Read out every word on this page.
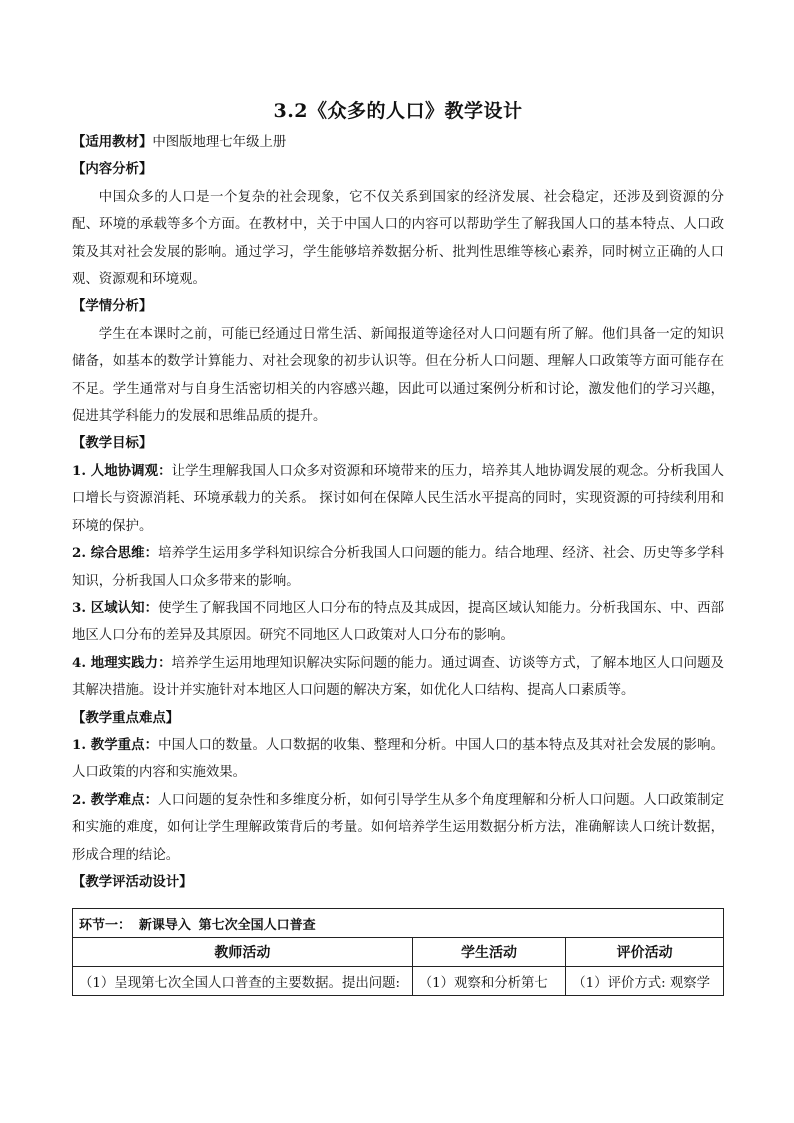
3.2《众多的人口》教学设计

【适用教材】中图版地理七年级上册

【内容分析】

中国众多的人口是一个复杂的社会现象，它不仅关系到国家的经济发展、社会稳定，还涉及到资源的分配、环境的承载等多个方面。在教材中，关于中国人口的内容可以帮助学生了解我国人口的基本特点、人口政策及其对社会发展的影响。通过学习，学生能够培养数据分析、批判性思维等核心素养，同时树立正确的人口观、资源观和环境观。

【学情分析】

学生在本课时之前，可能已经通过日常生活、新闻报道等途径对人口问题有所了解。他们具备一定的知识储备，如基本的数学计算能力、对社会现象的初步认识等。但在分析人口问题、理解人口政策等方面可能存在不足。学生通常对与自身生活密切相关的内容感兴趣，因此可以通过案例分析和讨论，激发他们的学习兴趣，促进其学科能力的发展和思维品质的提升。

【教学目标】

1. 人地协调观：让学生理解我国人口众多对资源和环境带来的压力，培养其人地协调发展的观念。分析我国人口增长与资源消耗、环境承载力的关系。 探讨如何在保障人民生活水平提高的同时，实现资源的可持续利用和环境的保护。

2. 综合思维：培养学生运用多学科知识综合分析我国人口问题的能力。结合地理、经济、社会、历史等多学科知识，分析我国人口众多带来的影响。

3. 区域认知：使学生了解我国不同地区人口分布的特点及其成因，提高区域认知能力。分析我国东、中、西部地区人口分布的差异及其原因。研究不同地区人口政策对人口分布的影响。

4. 地理实践力：培养学生运用地理知识解决实际问题的能力。通过调查、访谈等方式，了解本地区人口问题及其解决措施。设计并实施针对本地区人口问题的解决方案，如优化人口结构、提高人口素质等。

【教学重点难点】

1. 教学重点：中国人口的数量。人口数据的收集、整理和分析。中国人口的基本特点及其对社会发展的影响。人口政策的内容和实施效果。

2. 教学难点：人口问题的复杂性和多维度分析，如何引导学生从多个角度理解和分析人口问题。人口政策制定和实施的难度，如何让学生理解政策背后的考量。如何培养学生运用数据分析方法，准确解读人口统计数据，形成合理的结论。

【教学评活动设计】

环节一： 新课导入 第七次全国人口普查		
教师活动	学生活动	评价活动
（1）呈现第七次全国人口普查的主要数据。提出问题:	（1）观察和分析第七	（1）评价方式: 观察学
